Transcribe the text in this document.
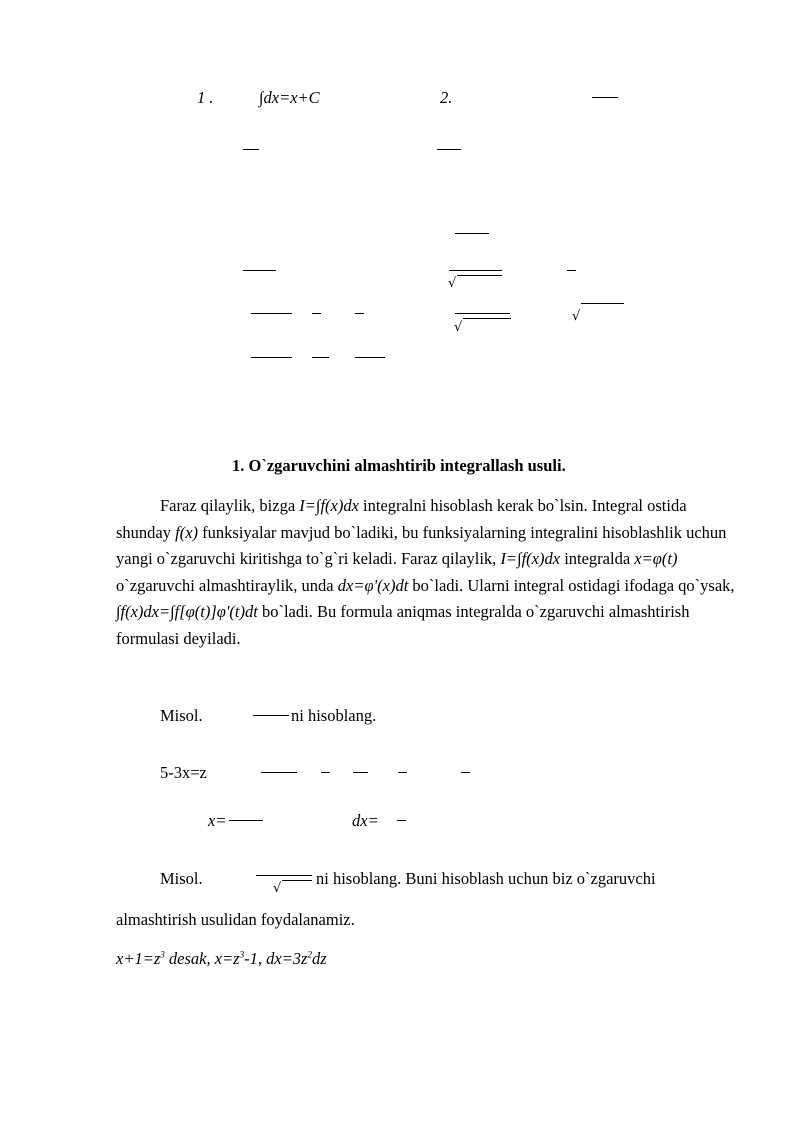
1 .	∫dx=x+C	2.
√
√
√
1. O`zgaruvchini almashtirib integrallash usuli.
Faraz qilaylik, bizga I=∫f(x)dx integralni hisoblash kerak bo`lsin. Integral ostida shunday f(x) funksiyalar mavjud bo`ladiki, bu funksiyalarning integralini hisoblashlik uchun yangi o`zgaruvchi kiritishga to`g`ri keladi. Faraz qilaylik, I=∫f(x)dx integralda x=φ(t) o`zgaruvchi almashtiraylik, unda dx=φ'(x)dt bo`ladi. Ularni integral ostidagi ifodaga qo`ysak, ∫f(x)dx=∫f[φ(t)]φ'(t)dt bo`ladi. Bu formula aniqmas integralda o`zgaruvchi almashtirish formulasi deyiladi.
Misol.	ni hisoblang.
5-3x=z
x=	dx=
Misol.
√
ni hisoblang. Buni hisoblash uchun biz o`zgaruvchi
almashtirish usulidan foydalanamiz.
$x+1=z^3$ desak, $x=z^3-1$, $dx=3z^2dz$
